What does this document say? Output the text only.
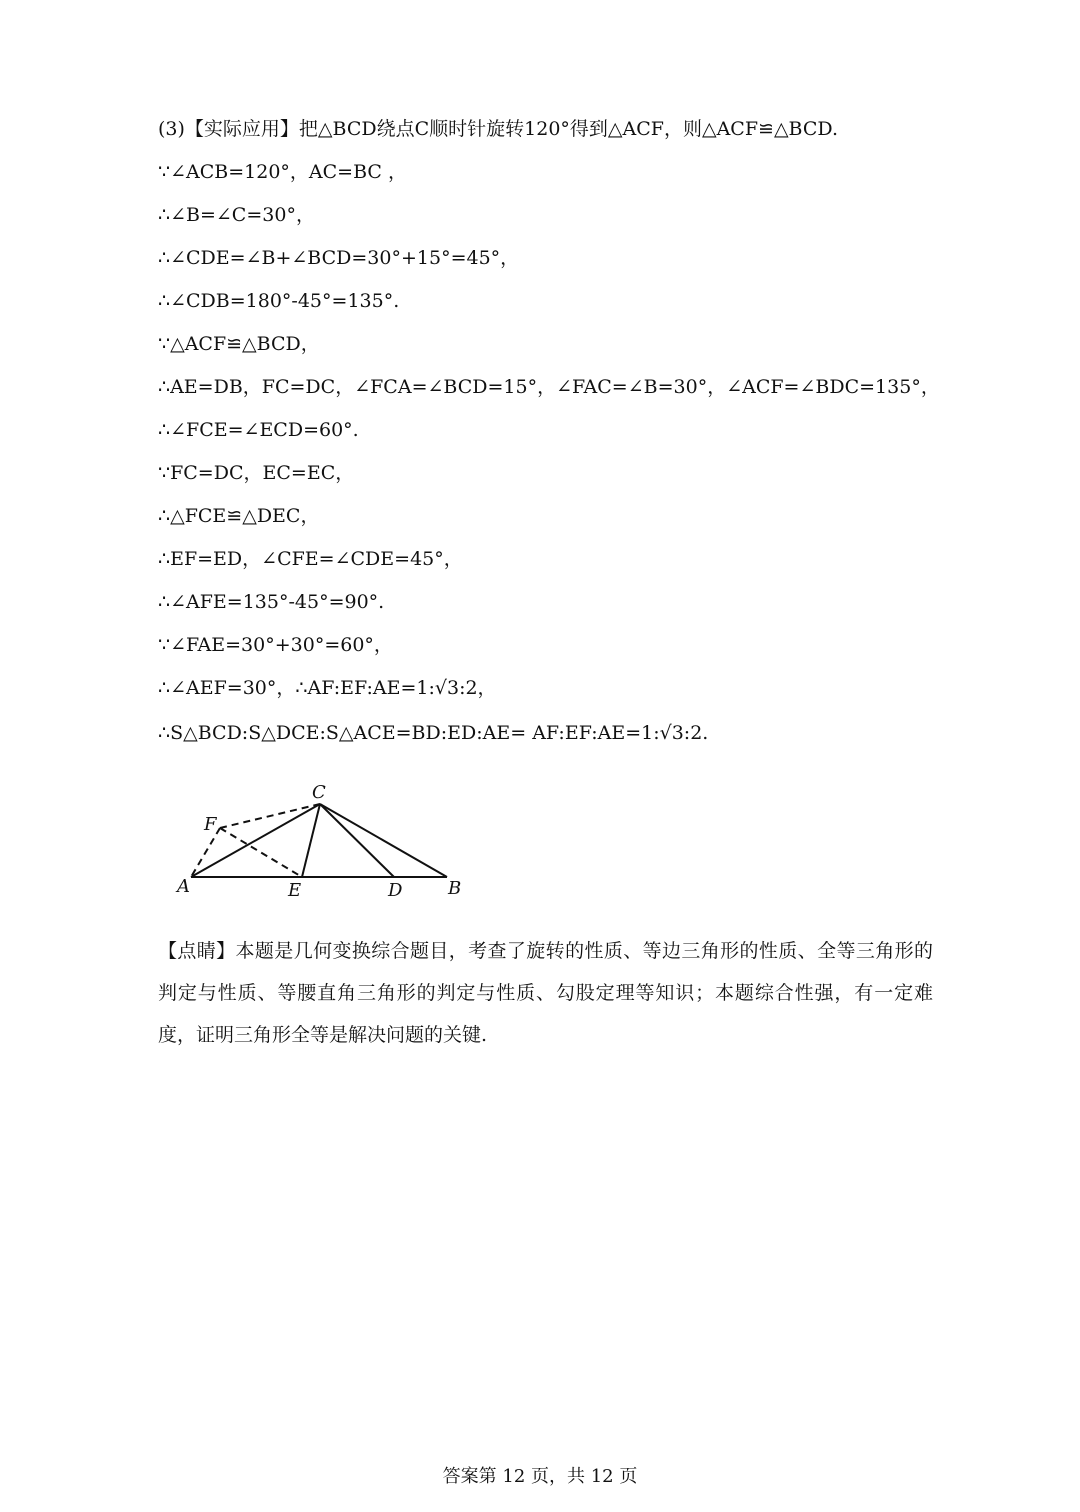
(3)【实际应用】把△BCD绕点C顺时针旋转120°得到△ACF，则△ACF≌△BCD.
∵∠ACB=120°，AC=BC ，
∴∠B=∠C=30°，
∴∠CDE=∠B+∠BCD=30°+15°=45°，
∴∠CDB=180°-45°=135°.
∵△ACF≌△BCD，
∴AE=DB，FC=DC，∠FCA=∠BCD=15°，∠FAC=∠B=30°，∠ACF=∠BDC=135°，
∴∠FCE=∠ECD=60°.
∵FC=DC，EC=EC，
∴△FCE≌△DEC，
∴EF=ED，∠CFE=∠CDE=45°，
∴∠AFE=135°-45°=90°.
∵∠FAE=30°+30°=60°，
∴∠AEF=30°，∴AF:EF:AE=1:√3:2，
∴S△BCD:S△DCE:S△ACE=BD:ED:AE= AF:EF:AE=1:√3:2.
C
F
A	E	D	B
【点睛】本题是几何变换综合题目，考查了旋转的性质、等边三角形的性质、全等三角形的判定与性质、等腰直角三角形的判定与性质、勾股定理等知识；本题综合性强，有一定难度，证明三角形全等是解决问题的关键.
答案第 12 页，共 12 页
